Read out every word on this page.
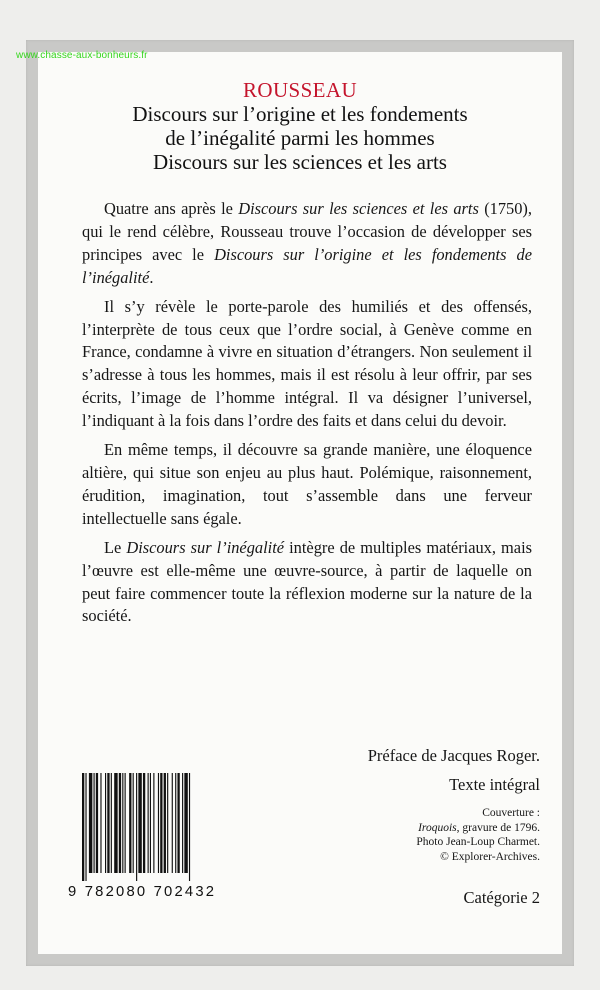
www.chasse-aux-bonheurs.fr
ROUSSEAU
Discours sur l’origine et les fondements
de l’inégalité parmi les hommes
Discours sur les sciences et les arts

Quatre ans après le Discours sur les sciences et les arts (1750), qui le rend célèbre, Rousseau trouve l’occasion de développer ses principes avec le Discours sur l’origine et les fondements de l’inégalité.

Il s’y révèle le porte-parole des humiliés et des offensés, l’interprète de tous ceux que l’ordre social, à Genève comme en France, condamne à vivre en situation d’étrangers. Non seulement il s’adresse à tous les hommes, mais il est résolu à leur offrir, par ses écrits, l’image de l’homme intégral. Il va désigner l’universel, l’indiquant à la fois dans l’ordre des faits et dans celui du devoir.

En même temps, il découvre sa grande manière, une éloquence altière, qui situe son enjeu au plus haut. Polémique, raisonnement, érudition, imagination, tout s’assemble dans une ferveur intellectuelle sans égale.

Le Discours sur l’inégalité intègre de multiples matériaux, mais l’œuvre est elle-même une œuvre-source, à partir de laquelle on peut faire commencer toute la réflexion moderne sur la nature de la société.

Préface de Jacques Roger.
Texte intégral
Couverture :
Iroquois, gravure de 1796.
Photo Jean-Loup Charmet.
© Explorer-Archives.
9 782080 702432	Catégorie 2
